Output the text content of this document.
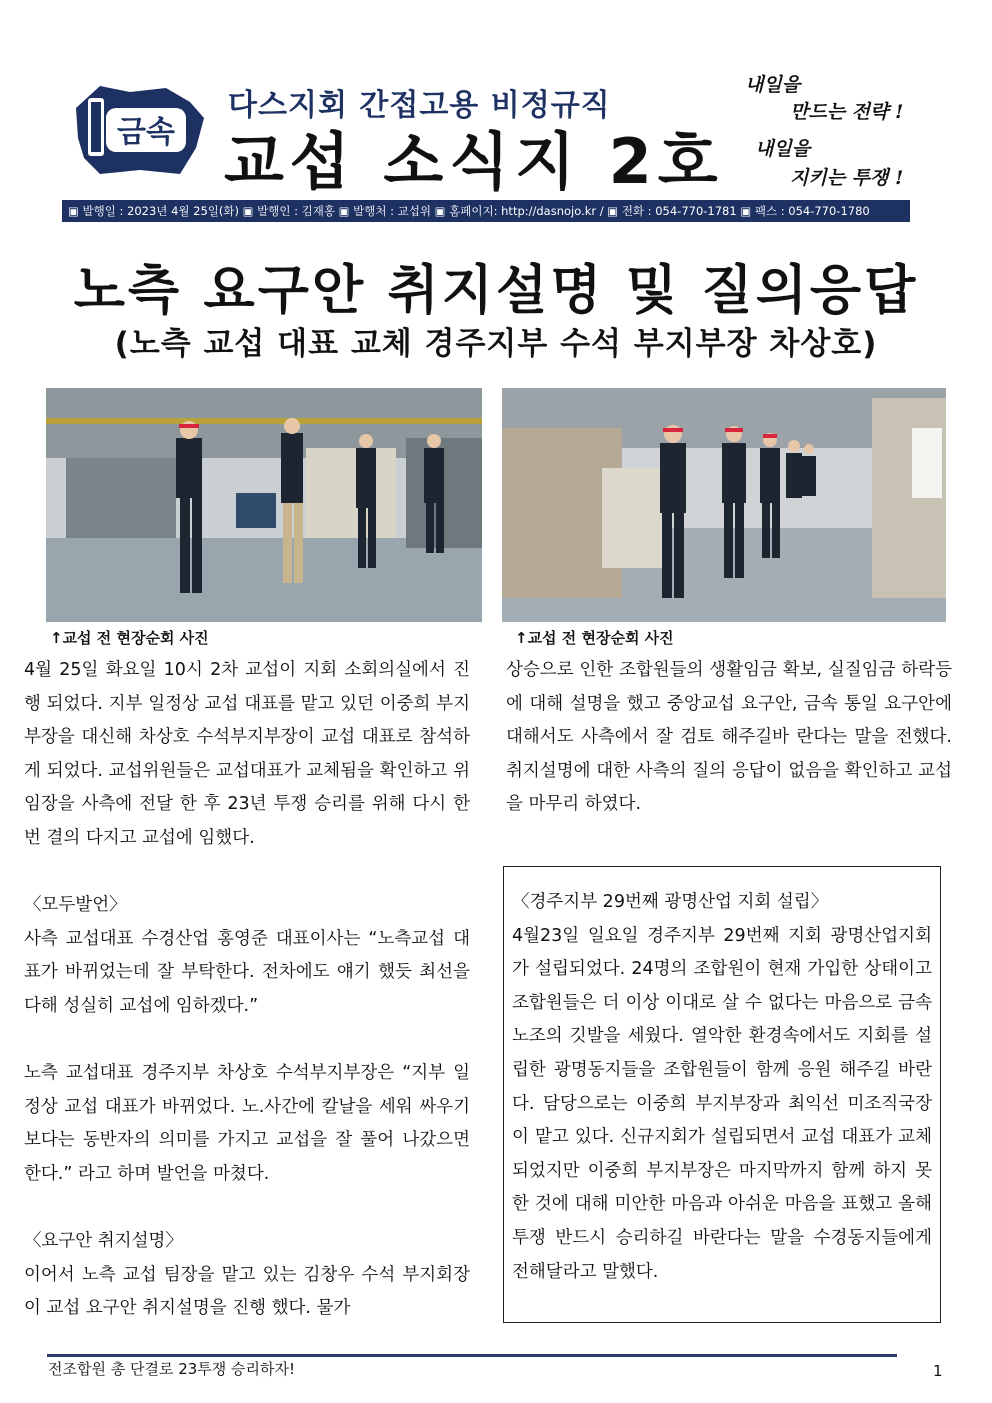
금속
다스지회 간접고용 비정규직
교섭 소식지 2호
내일을
만드는 전략 !
내일을
지키는 투쟁 !
▣ 발행일 : 2023년 4월 25일(화) ▣ 발행인 : 김재홍 ▣ 발행처 : 교섭위 ▣ 홈페이지: http://dasnojo.kr / ▣ 전화 : 054-770-1781 ▣ 팩스 : 054-770-1780
노측 요구안 취지설명 및 질의응답
(노측 교섭 대표 교체 경주지부 수석 부지부장 차상호)
↑교섭 전 현장순회 사진	↑교섭 전 현장순회 사진

4월 25일 화요일 10시 2차 교섭이 지회 소회의실에서 진행 되었다. 지부 일정상 교섭 대표를 맡고 있던 이중희 부지부장을 대신해 차상호 수석부지부장이 교섭 대표로 참석하게 되었다. 교섭위원들은 교섭대표가 교체됨을 확인하고 위임장을 사측에 전달 한 후 23년 투쟁 승리를 위해 다시 한번 결의 다지고 교섭에 임했다.

〈모두발언〉

사측 교섭대표 수경산업 홍영준 대표이사는 “노측교섭 대표가 바뀌었는데 잘 부탁한다. 전차에도 얘기 했듯 최선을 다해 성실히 교섭에 임하겠다.”

노측 교섭대표 경주지부 차상호 수석부지부장은 “지부 일정상 교섭 대표가 바뀌었다. 노.사간에 칼날을 세워 싸우기 보다는 동반자의 의미를 가지고 교섭을 잘 풀어 나갔으면 한다.” 라고 하며 발언을 마쳤다.

〈요구안 취지설명〉

이어서 노측 교섭 팀장을 맡고 있는 김창우 수석 부지회장이 교섭 요구안 취지설명을 진행 했다. 물가

상승으로 인한 조합원들의 생활임금 확보, 실질임금 하락등에 대해 설명을 했고 중앙교섭 요구안, 금속 통일 요구안에 대해서도 사측에서 잘 검토 해주길바 란다는 말을 전했다. 취지설명에 대한 사측의 질의 응답이 없음을 확인하고 교섭을 마무리 하였다.

〈경주지부 29번째 광명산업 지회 설립〉

4월23일 일요일 경주지부 29번째 지회 광명산업지회가 설립되었다. 24명의 조합원이 현재 가입한 상태이고 조합원들은 더 이상 이대로 살 수 없다는 마음으로 금속노조의 깃발을 세웠다. 열악한 환경속에서도 지회를 설립한 광명동지들을 조합원들이 함께 응원 해주길 바란다. 담당으로는 이중희 부지부장과 최익선 미조직국장이 맡고 있다. 신규지회가 설립되면서 교섭 대표가 교체 되었지만 이중희 부지부장은 마지막까지 함께 하지 못한 것에 대해 미안한 마음과 아쉬운 마음을 표했고 올해 투쟁 반드시 승리하길 바란다는 말을 수경동지들에게 전해달라고 말했다.

전조합원 총 단결로 23투쟁 승리하자!	1
